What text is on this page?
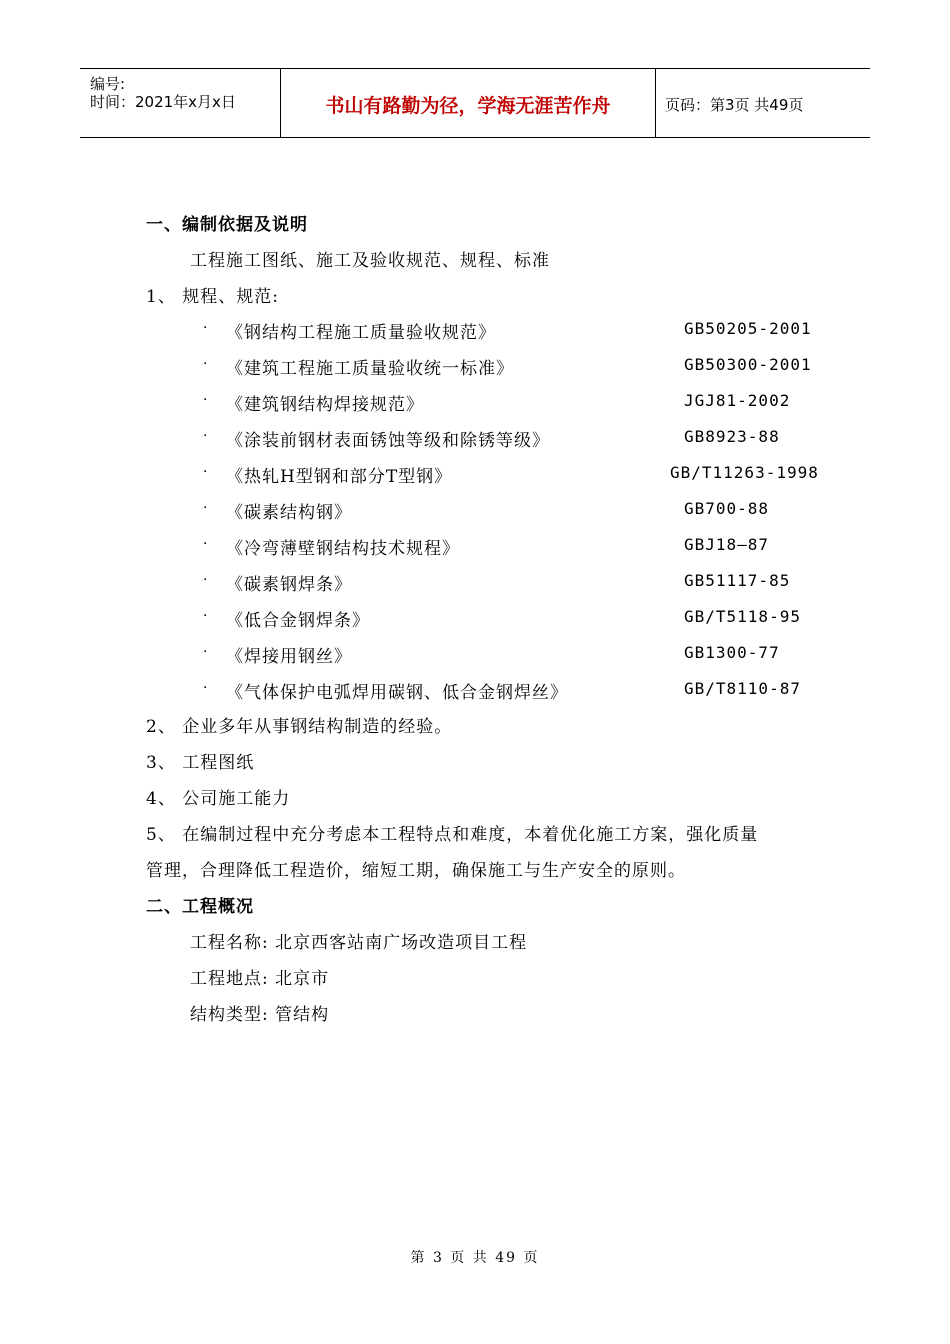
编号:
时间：2021年x月x日	书山有路勤为径，学海无涯苦作舟	页码：第3页 共49页
一、编制依据及说明
工程施工图纸、施工及验收规范、规程、标准
1、 规程、规范:
· 《钢结构工程施工质量验收规范》	GB50205-2001
· 《建筑工程施工质量验收统一标准》	GB50300-2001
· 《建筑钢结构焊接规范》	JGJ81-2002
· 《涂装前钢材表面锈蚀等级和除锈等级》	GB8923-88
· 《热轧H型钢和部分T型钢》	GB/T11263-1998
· 《碳素结构钢》	GB700-88
· 《冷弯薄壁钢结构技术规程》	GBJ18—87
· 《碳素钢焊条》	GB51117-85
· 《低合金钢焊条》	GB/T5118-95
· 《焊接用钢丝》	GB1300-77
· 《气体保护电弧焊用碳钢、低合金钢焊丝》	GB/T8110-87
2、 企业多年从事钢结构制造的经验。
3、 工程图纸
4、 公司施工能力
5、 在编制过程中充分考虑本工程特点和难度，本着优化施工方案，强化质量
管理，合理降低工程造价，缩短工期，确保施工与生产安全的原则。
二、工程概况
工程名称: 北京西客站南广场改造项目工程
工程地点: 北京市
结构类型: 管结构
第 3 页 共 49 页
